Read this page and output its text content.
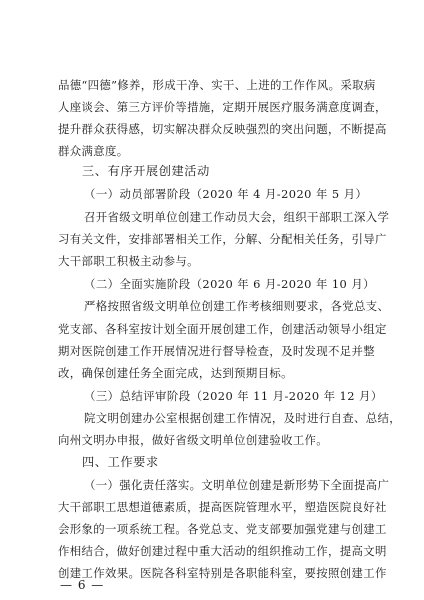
品德“四德”修养，形成干净、实干、上进的工作作风。采取病
人座谈会、第三方评价等措施，定期开展医疗服务满意度调查，
提升群众获得感，切实解决群众反映强烈的突出问题，不断提高
群众满意度。
三、有序开展创建活动
（一）动员部署阶段（2020 年 4 月-2020 年 5 月）
召开省级文明单位创建工作动员大会，组织干部职工深入学
习有关文件，安排部署相关工作，分解、分配相关任务，引导广
大干部职工积极主动参与。
（二）全面实施阶段（2020 年 6 月-2020 年 10 月）
严格按照省级文明单位创建工作考核细则要求，各党总支、
党支部、各科室按计划全面开展创建工作，创建活动领导小组定
期对医院创建工作开展情况进行督导检查，及时发现不足并整
改，确保创建任务全面完成，达到预期目标。
（三）总结评审阶段（2020 年 11 月-2020 年 12 月）
院文明创建办公室根据创建工作情况，及时进行自查、总结，
向州文明办申报，做好省级文明单位创建验收工作。
四、工作要求
（一）强化责任落实。文明单位创建是新形势下全面提高广
大干部职工思想道德素质，提高医院管理水平，塑造医院良好社
会形象的一项系统工程。各党总支、党支部要加强党建与创建工
作相结合，做好创建过程中重大活动的组织推动工作，提高文明
创建工作效果。医院各科室特别是各职能科室，要按照创建工作
— 6 —
